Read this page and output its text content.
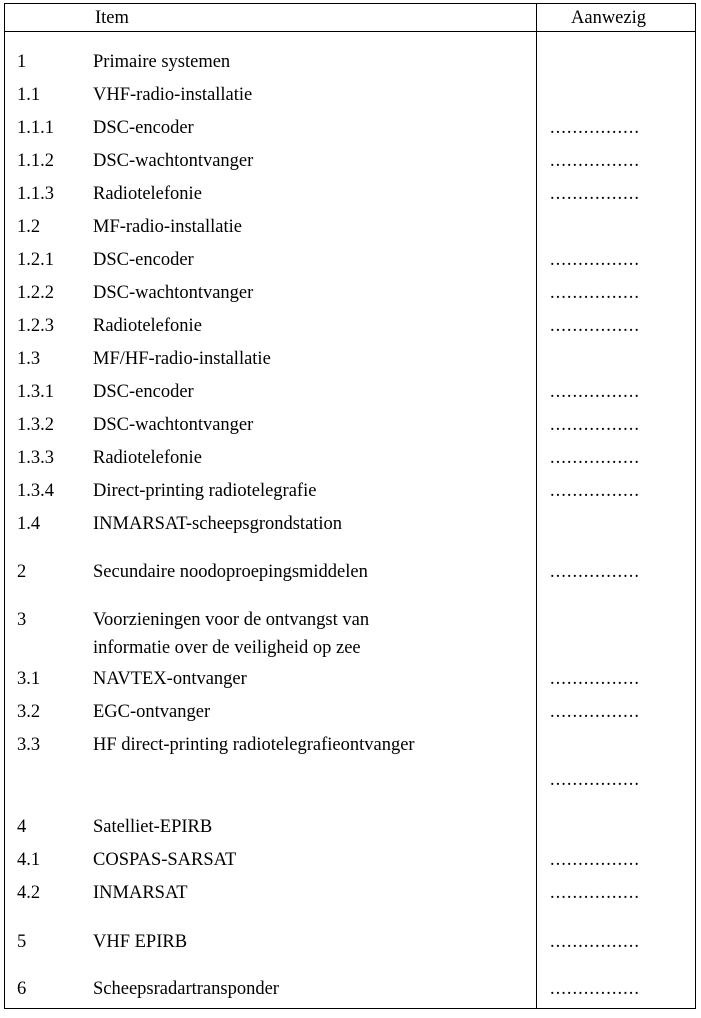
Item	Aanwezig
1	Primaire systemen
1.1	VHF-radio-installatie
1.1.1 DSC-encoder	................
1.1.2 DSC-wachtontvanger	................
1.1.3 Radiotelefonie	................
1.2	MF-radio-installatie
1.2.1 DSC-encoder	................
1.2.2 DSC-wachtontvanger	................
1.2.3 Radiotelefonie	................
1.3	MF/HF-radio-installatie
1.3.1 DSC-encoder	................
1.3.2 DSC-wachtontvanger	................
1.3.3 Radiotelefonie	................
1.3.4 Direct-printing radiotelegrafie	................
1.4	INMARSAT-scheepsgrondstation
2	Secundaire noodoproepingsmiddelen	................
3	Voorzieningen voor de ontvangst van
informatie over de veiligheid op zee
3.1	NAVTEX-ontvanger	................
3.2	EGC-ontvanger	................
3.3	HF direct-printing radiotelegrafieontvanger
................
4	Satelliet-EPIRB
4.1	COSPAS-SARSAT	................
4.2	INMARSAT	................
5	VHF EPIRB	................
6	Scheepsradartransponder	................
